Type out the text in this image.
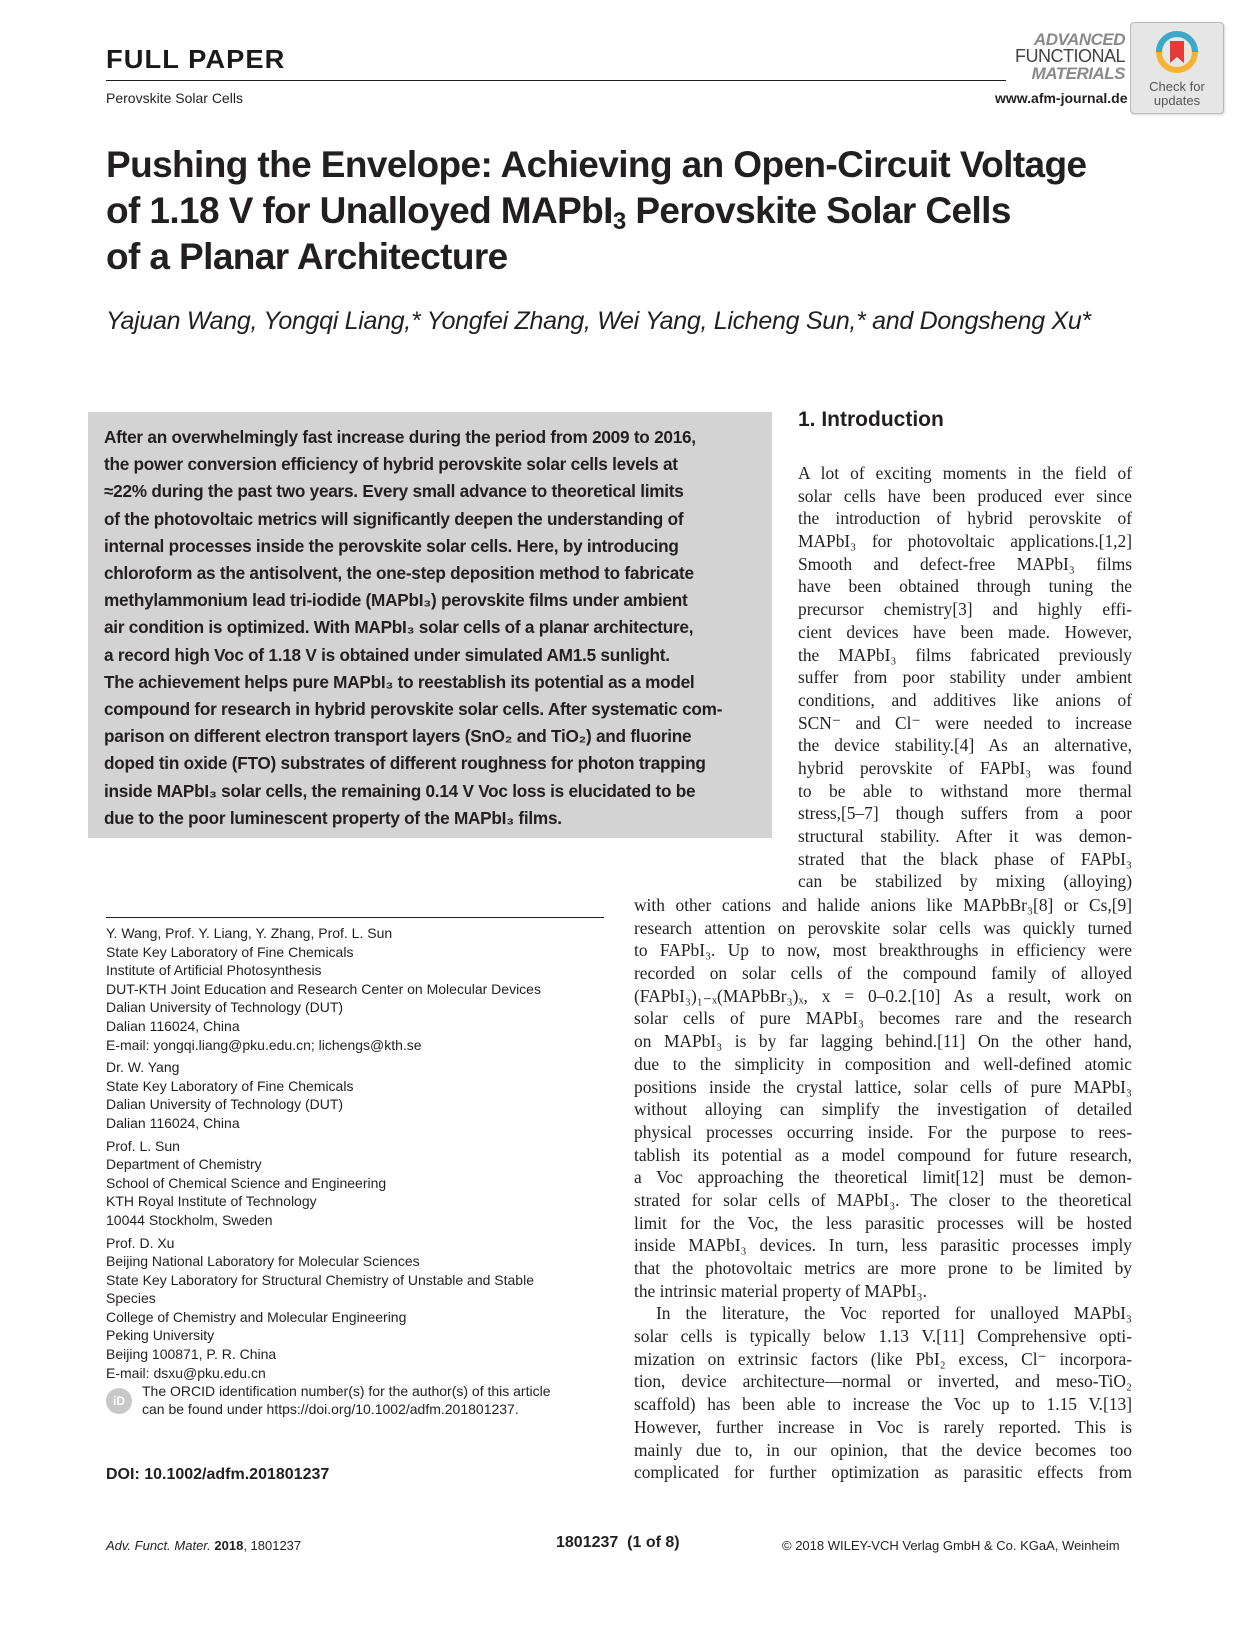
FULL PAPER
Perovskite Solar Cells
ADVANCED
FUNCTIONAL
MATERIALS
www.afm-journal.de
Check for
updates
Pushing the Envelope: Achieving an Open-Circuit Voltage
of 1.18 V for Unalloyed MAPbI$_3$ Perovskite Solar Cells
of a Planar Architecture
Yajuan Wang, Yongqi Liang,* Yongfei Zhang, Wei Yang, Licheng Sun,* and Dongsheng Xu*

After an overwhelmingly fast increase during the period from 2009 to 2016,

the power conversion efficiency of hybrid perovskite solar cells levels at

≈22% during the past two years. Every small advance to theoretical limits

of the photovoltaic metrics will significantly deepen the understanding of

internal processes inside the perovskite solar cells. Here, by introducing

chloroform as the antisolvent, the one-step deposition method to fabricate

methylammonium lead tri-iodide (MAPbI₃) perovskite films under ambient

air condition is optimized. With MAPbI₃ solar cells of a planar architecture,

a record high Voc of 1.18 V is obtained under simulated AM1.5 sunlight.

The achievement helps pure MAPbI₃ to reestablish its potential as a model

compound for research in hybrid perovskite solar cells. After systematic com-

parison on different electron transport layers (SnO₂ and TiO₂) and fluorine

doped tin oxide (FTO) substrates of different roughness for photon trapping

inside MAPbI₃ solar cells, the remaining 0.14 V Voc loss is elucidated to be

due to the poor luminescent property of the MAPbI₃ films.

Y. Wang, Prof. Y. Liang, Y. Zhang, Prof. L. Sun
State Key Laboratory of Fine Chemicals
Institute of Artificial Photosynthesis
DUT-KTH Joint Education and Research Center on Molecular Devices
Dalian University of Technology (DUT)
Dalian 116024, China
E-mail: yongqi.liang@pku.edu.cn; lichengs@kth.se
Dr. W. Yang
State Key Laboratory of Fine Chemicals
Dalian University of Technology (DUT)
Dalian 116024, China
Prof. L. Sun
Department of Chemistry
School of Chemical Science and Engineering
KTH Royal Institute of Technology
10044 Stockholm, Sweden
Prof. D. Xu
Beijing National Laboratory for Molecular Sciences
State Key Laboratory for Structural Chemistry of Unstable and Stable
Species
College of Chemistry and Molecular Engineering
Peking University
Beijing 100871, P. R. China
E-mail: dsxu@pku.edu.cn
iD
The ORCID identification number(s) for the author(s) of this article
can be found under https://doi.org/10.1002/adfm.201801237.
DOI: 10.1002/adfm.201801237
1. Introduction
A lot of exciting moments in the field of
solar cells have been produced ever since
the introduction of hybrid perovskite of
MAPbI₃ for photovoltaic applications.[1,2]
Smooth and defect-free MAPbI₃ films
have been obtained through tuning the
precursor chemistry[3] and highly effi-
cient devices have been made. However,
the MAPbI₃ films fabricated previously
suffer from poor stability under ambient
conditions, and additives like anions of
SCN⁻ and Cl⁻ were needed to increase
the device stability.[4] As an alternative,
hybrid perovskite of FAPbI₃ was found
to be able to withstand more thermal
stress,[5–7] though suffers from a poor
structural stability. After it was demon-
strated that the black phase of FAPbI₃
can be stabilized by mixing (alloying)
with other cations and halide anions like MAPbBr₃[8] or Cs,[9]
research attention on perovskite solar cells was quickly turned
to FAPbI₃. Up to now, most breakthroughs in efficiency were
recorded on solar cells of the compound family of alloyed
(FAPbI₃)₁₋ₓ(MAPbBr₃)ₓ, x = 0–0.2.[10] As a result, work on
solar cells of pure MAPbI₃ becomes rare and the research
on MAPbI₃ is by far lagging behind.[11] On the other hand,
due to the simplicity in composition and well-defined atomic
positions inside the crystal lattice, solar cells of pure MAPbI₃
without alloying can simplify the investigation of detailed
physical processes occurring inside. For the purpose to rees-
tablish its potential as a model compound for future research,
a Voc approaching the theoretical limit[12] must be demon-
strated for solar cells of MAPbI₃. The closer to the theoretical
limit for the Voc, the less parasitic processes will be hosted
inside MAPbI₃ devices. In turn, less parasitic processes imply
that the photovoltaic metrics are more prone to be limited by
the intrinsic material property of MAPbI₃.
In the literature, the Voc reported for unalloyed MAPbI₃
solar cells is typically below 1.13 V.[11] Comprehensive opti-
mization on extrinsic factors (like PbI₂ excess, Cl⁻ incorpora-
tion, device architecture—normal or inverted, and meso-TiO₂
scaffold) has been able to increase the Voc up to 1.15 V.[13]
However, further increase in Voc is rarely reported. This is
mainly due to, in our opinion, that the device becomes too
complicated for further optimization as parasitic effects from
Adv. Funct. Mater. 2018, 1801237	1801237  (1 of 8)	© 2018 WILEY-VCH Verlag GmbH & Co. KGaA, Weinheim
